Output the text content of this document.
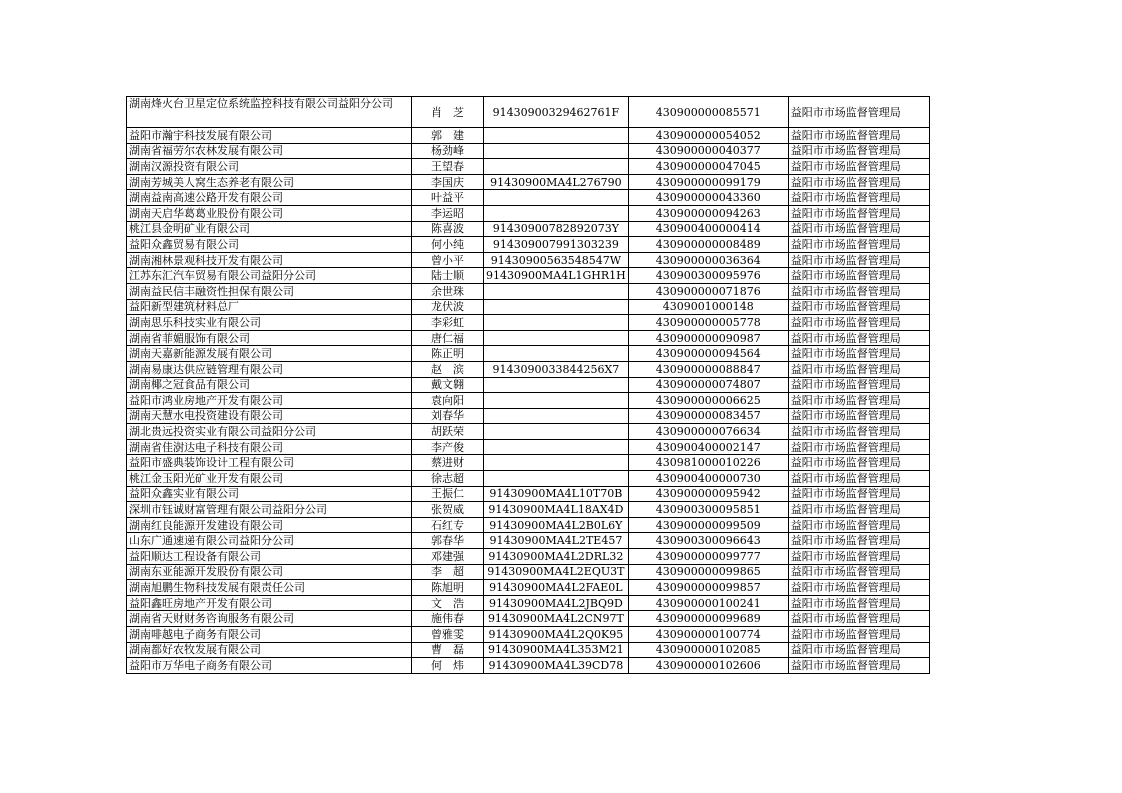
湖南烽火台卫星定位系统监控科技有限公司益阳分公司	肖　芝	91430900329462761F	430900000085571	益阳市市场监督管理局
益阳市瀚宇科技发展有限公司	郭　建		430900000054052	益阳市市场监督管理局
湖南省福劳尔农林发展有限公司	杨劲峰		430900000040377	益阳市市场监督管理局
湖南汉源投资有限公司	王望春		430900000047045	益阳市市场监督管理局
湖南芳城美人窝生态养老有限公司	李国庆	91430900MA4L276790	430900000099179	益阳市市场监督管理局
湖南益南高速公路开发有限公司	叶益平		430900000043360	益阳市市场监督管理局
湖南天启华葛葛业股份有限公司	李运昭		430900000094263	益阳市市场监督管理局
桃江县金明矿业有限公司	陈喜波	91430900782892073Y	430900400000414	益阳市市场监督管理局
益阳众鑫贸易有限公司	何小纯	914309007991303239	430900000008489	益阳市市场监督管理局
湖南湘林景观科技开发有限公司	曾小平	91430900563548547W	430900000036364	益阳市市场监督管理局
江苏东汇汽车贸易有限公司益阳分公司	陆士顺	91430900MA4L1GHR1H	430900300095976	益阳市市场监督管理局
湖南益民信丰融资性担保有限公司	余世珠		430900000071876	益阳市市场监督管理局
益阳新型建筑材料总厂	龙伏波		4309001000148	益阳市市场监督管理局
湖南思乐科技实业有限公司	李彩虹		430900000005778	益阳市市场监督管理局
湖南省菲媚服饰有限公司	唐仁福		430900000090987	益阳市市场监督管理局
湖南天嘉新能源发展有限公司	陈正明		430900000094564	益阳市市场监督管理局
湖南易康达供应链管理有限公司	赵　滨	9143090033844256X7	430900000088847	益阳市市场监督管理局
湖南椰之冠食品有限公司	戴文翱		430900000074807	益阳市市场监督管理局
益阳市鸿业房地产开发有限公司	袁向阳		430900000006625	益阳市市场监督管理局
湖南天慧水电投资建设有限公司	刘春华		430900000083457	益阳市市场监督管理局
湖北贵远投资实业有限公司益阳分公司	胡跃荣		430900000076634	益阳市市场监督管理局
湖南省佳澍达电子科技有限公司	李产俊		430900400002147	益阳市市场监督管理局
益阳市盛典装饰设计工程有限公司	蔡进财		430981000010226	益阳市市场监督管理局
桃江金玉阳光矿业开发有限公司	徐志超		430900400000730	益阳市市场监督管理局
益阳众鑫实业有限公司	王振仁	91430900MA4L10T70B	430900000095942	益阳市市场监督管理局
深圳市钰诚财富管理有限公司益阳分公司	张贺威	91430900MA4L18AX4D	430900300095851	益阳市市场监督管理局
湖南红良能源开发建设有限公司	石红专	91430900MA4L2B0L6Y	430900000099509	益阳市市场监督管理局
山东广通速递有限公司益阳分公司	郭春华	91430900MA4L2TE457	430900300096643	益阳市市场监督管理局
益阳顺达工程设备有限公司	邓建强	91430900MA4L2DRL32	430900000099777	益阳市市场监督管理局
湖南东亚能源开发股份有限公司	李　超	91430900MA4L2EQU3T	430900000099865	益阳市市场监督管理局
湖南旭鹏生物科技发展有限责任公司	陈旭明	91430900MA4L2FAE0L	430900000099857	益阳市市场监督管理局
益阳鑫旺房地产开发有限公司	文　浩	91430900MA4L2JBQ9D	430900000100241	益阳市市场监督管理局
湖南省天财财务咨询服务有限公司	施伟春	91430900MA4L2CN97T	430900000099689	益阳市市场监督管理局
湖南啡越电子商务有限公司	曾雅雯	91430900MA4L2Q0K95	430900000100774	益阳市市场监督管理局
湖南都好农牧发展有限公司	曹　磊	91430900MA4L353M21	430900000102085	益阳市市场监督管理局
益阳市万华电子商务有限公司	何　炜	91430900MA4L39CD78	430900000102606	益阳市市场监督管理局
